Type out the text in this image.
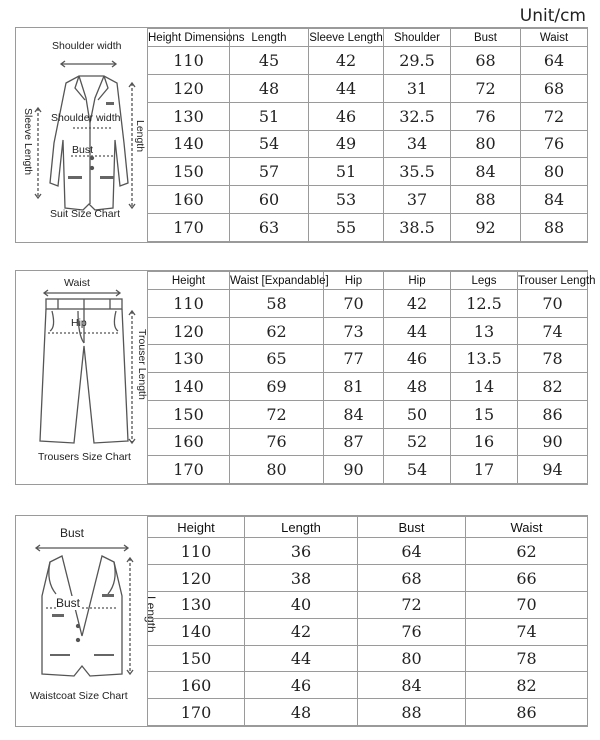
Unit/cm
Shoulder width
Shoulder width
Bust
Sleeve Length	Length
Suit Size Chart
Height Dimensions	Length	Sleeve Length	Shoulder	Bust	Waist
110	45	42	29.5	68	64
120	48	44	31	72	68
130	51	46	32.5	76	72
140	54	49	34	80	76
150	57	51	35.5	84	80
160	60	53	37	88	84
170	63	55	38.5	92	88
Waist
Hip
Trouser Length
Trousers Size Chart
Height	Waist [Expandable]	Hip	Hip	Legs	Trouser Length
110	58	70	42	12.5	70
120	62	73	44	13	74
130	65	77	46	13.5	78
140	69	81	48	14	82
150	72	84	50	15	86
160	76	87	52	16	90
170	80	90	54	17	94
Bust
Bust	Length
Waistcoat Size Chart
Height	Length	Bust	Waist
110	36	64	62
120	38	68	66
130	40	72	70
140	42	76	74
150	44	80	78
160	46	84	82
170	48	88	86
